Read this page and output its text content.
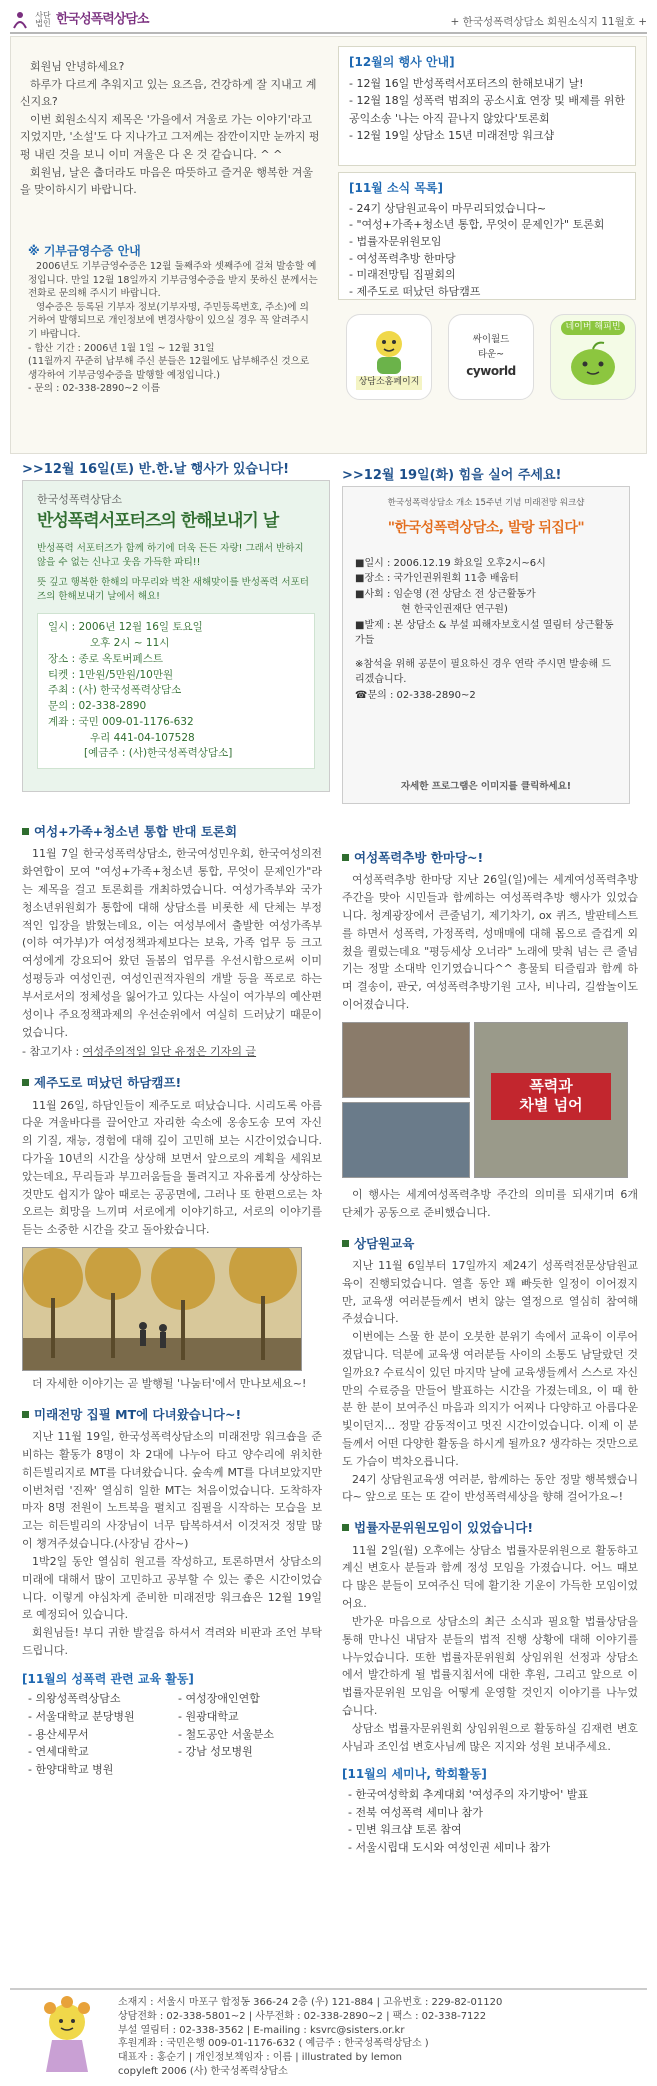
사단법인 한국성폭력상담소	+ 한국성폭력상담소 회원소식지 11월호 +

회원님 안녕하세요?

하루가 다르게 추워지고 있는 요즈음, 건강하게 잘 지내고 계신지요?

이번 회원소식지 제목은 '가을에서 겨울로 가는 이야기'라고 지었지만, '소설'도 다 지나가고 그저께는 잠깐이지만 눈까지 펑펑 내린 것을 보니 이미 겨울은 다 온 것 같습니다. ^ ^

회원님, 날은 춥더라도 마음은 따뜻하고 즐거운 행복한 겨울을 맞이하시기 바랍니다.

※ 기부금영수증 안내
2006년도 기부금영수증은 12월 둘째주와 셋째주에 걸쳐 발송할 예정입니다. 만일 12월 18일까지 기부금영수증을 받지 못하신 분께서는 전화로 문의해 주시기 바랍니다.
영수증은 등록된 기부자 정보(기부자명, 주민등록번호, 주소)에 의거하여 발행되므로 개인정보에 변경사항이 있으실 경우 꼭 알려주시기 바랍니다.
- 합산 기간 : 2006년 1월 1일 ~ 12월 31일
(11월까지 꾸준히 납부해 주신 분들은 12월에도 납부해주신 것으로 생각하여 기부금영수증을 발행할 예정입니다.)
- 문의 : 02-338-2890~2 이름
[12월의 행사 안내]
- 12월 16일 반성폭력서포터즈의 한해보내기 날!
- 12월 18일 성폭력 범죄의 공소시효 연장 및 배제를 위한 공익소송 '나는 아직 끝나지 않았다'토론회
- 12월 19일 상담소 15년 미래전망 워크샵
[11월 소식 목록]
- 24기 상담원교육이 마무리되었습니다~
- "여성+가족+청소년 통합, 무엇이 문제인가" 토론회
- 법률자문위원모임
- 여성폭력추방 한마당
- 미래전망팀 집필회의
- 제주도로 떠났던 하담캠프
상담소홈페이지
싸이월드
타운~
cyworld
네이버 해피빈
>>12월 16일(토) 반.한.날 행사가 있습니다!
한국성폭력상담소
반성폭력서포터즈의 한해보내기 날
반성폭력 서포터즈가 함께 하기에 더욱 든든 자랑! 그래서 반하지 않을 수 없는 신나고 웃음 가득한 파티!!
뜻 깊고 행복한 한해의 마무리와 벅찬 새해맞이를 반성폭력 서포터즈의 한해보내기 날에서 해요!
일시 : 2006년 12월 16일 토요일
오후 2시 ~ 11시
장소 : 종로 옥토버페스트
티켓 : 1만원/5만원/10만원
주최 : (사) 한국성폭력상담소
문의 : 02-338-2890
계좌 : 국민 009-01-1176-632
우리 441-04-107528
[예금주 : (사)한국성폭력상담소]
>>12월 19일(화) 힘을 실어 주세요!
한국성폭력상담소 개소 15주년 기념 미래전망 워크샵
"한국성폭력상담소, 발랑 뒤집다"
■일시 : 2006.12.19 화요일 오후2시~6시
■장소 : 국가인권위원회 11층 배움터
■사회 : 임순영 (전 상담소 전 상근활동가
현 한국인권재단 연구원)
■발제 : 본 상담소 & 부설 피해자보호시설 열림터 상근활동가들
※참석을 위해 공문이 필요하신 경우 연락 주시면 발송해 드리겠습니다.
☎문의 : 02-338-2890~2
자세한 프로그램은 이미지를 클릭하세요!
여성+가족+청소년 통합 반대 토론회
11월 7일 한국성폭력상담소, 한국여성민우회, 한국여성의전화연합이 모여 "여성+가족+청소년 통합, 무엇이 문제인가"라는 제목을 걸고 토론회를 개최하였습니다. 여성가족부와 국가청소년위원회가 통합에 대해 상담소를 비롯한 세 단체는 부정적인 입장을 밝혔는데요, 이는 여성부에서 출발한 여성가족부(이하 여가부)가 여성정책과제보다는 보육, 가족 업무 등 크고 여성에게 강요되어 왔던 돌봄의 업무를 우선시함으로써 이미 성평등과 여성인권, 여성인권적자원의 개발 등을 폭로로 하는 부서로서의 정체성을 잃어가고 있다는 사실이 여가부의 예산편성이나 주요정책과제의 우선순위에서 여실히 드러났기 때문이었습니다.
- 참고기사 : 여성주의적일 일단 유정은 기자의 글
제주도로 떠났던 하담캠프!
11월 26일, 하담인들이 제주도로 떠났습니다. 시리도록 아름다운 겨울바다를 끌어안고 자리한 숙소에 옹송도송 모여 자신의 기질, 재능, 경험에 대해 깊이 고민해 보는 시간이었습니다. 다가올 10년의 시간을 상상해 보면서 앞으로의 계획을 세워보았는데요, 무리들과 부끄러움들을 툴려지고 자유롭게 상상하는 것만도 쉽지가 않아 때로는 공공면에, 그러나 또 한편으로는 차오르는 희망을 느끼며 서로에게 이야기하고, 서로의 이야기를 듣는 소중한 시간을 갖고 돌아왔습니다.
더 자세한 이야기는 곧 발행될 '나눔터'에서 만나보세요~!
미래전망 집필 MT에 다녀왔습니다~!
지난 11월 19일, 한국성폭력상담소의 미래전망 워크숍을 준비하는 활동가 8명이 차 2대에 나누어 타고 양수리에 위치한 히든빌리지로 MT를 다녀왔습니다. 숲속께 MT를 다녀보았지만 이번처럼 '진짜' 열심히 일한 MT는 처음이었습니다. 도착하자마자 8명 전원이 노트북을 펼치고 집필을 시작하는 모습을 보고는 히든빌리의 사장님이 너무 탐복하셔서 이것저것 정말 많이 챙겨주셨습니다.(사장님 감사~)
1박2일 동안 열심히 원고를 작성하고, 토론하면서 상담소의 미래에 대해서 많이 고민하고 공부할 수 있는 좋은 시간이었습니다. 이렇게 야심차게 준비한 미래전망 워크숍은 12월 19일로 예정되어 있습니다.
회원님들! 부디 귀한 발걸음 하셔서 격려와 비판과 조언 부탁드립니다.
[11월의 성폭력 관련 교육 활동]
- 의왕성폭력상담소	- 여성장애인연합
- 서울대학교 분당병원	- 원광대학교
- 용산세무서	- 철도공안 서울분소
- 연세대학교	- 강남 성모병원
- 한양대학교 병원
여성폭력추방 한마당~!
여성폭력추방 한마당 지난 26일(일)에는 세계여성폭력추방 주간을 맞아 시민들과 함께하는 여성폭력추방 행사가 있었습니다. 청계광장에서 큰줄넘기, 제기차기, ox 퀴즈, 발판테스트를 하면서 성폭력, 가정폭력, 성매매에 대해 몸으로 즐겁게 외쳤을 퀼렀는데요 "평등세상 오너라" 노래에 맞춰 넘는 큰 줄넘기는 정말 소대박 인기였습니다^^ 흥물퇴 티즐림과 함께 하며 결송이, 판굿, 여성폭력추방기원 고사, 비나리, 길쌈놀이도 이어졌습니다.
폭력과
차별 넘어
이 행사는 세계여성폭력추방 주간의 의미를 되새기며 6개 단체가 공동으로 준비했습니다.
상담원교육
지난 11월 6일부터 17일까지 제24기 성폭력전문상담원교육이 진행되었습니다. 열흘 동안 꽤 빠듯한 일정이 이어졌지만, 교육생 여러분들께서 변치 않는 열정으로 열심히 참여해 주셨습니다.
이번에는 스물 한 분이 오붓한 분위기 속에서 교육이 이루어졌답니다. 덕분에 교육생 여러분들 사이의 소통도 남달랐던 것일까요? 수료식이 있던 마지막 날에 교육생들께서 스스로 자신만의 수료증을 만들어 발표하는 시간을 가졌는데요, 이 때 한 분 한 분이 보여주신 마음과 의지가 어찌나 다양하고 아름다운 빛이던지... 정말 감동적이고 멋진 시간이었습니다. 이제 이 분들께서 어떤 다양한 활동을 하시게 될까요? 생각하는 것만으로도 가슴이 벅차오릅니다.
24기 상담원교육생 여러분, 함께하는 동안 정말 행복했습니다~ 앞으로 또는 또 같이 반성폭력세상을 향해 걸어가요~!
법률자문위원모임이 있었습니다!
11월 2일(월) 오후에는 상담소 법률자문위원으로 활동하고 계신 변호사 분들과 함께 정성 모임을 가졌습니다. 어느 때보다 많은 분들이 모여주신 덕에 활기찬 기운이 가득한 모임이었어요.
반가운 마음으로 상담소의 최근 소식과 필요할 법률상담을 통해 만나신 내담자 분들의 법적 진행 상황에 대해 이야기를 나누었습니다. 또한 법률자문위원회 상임위원 선정과 상담소에서 발간하게 될 법률지침서에 대한 후원, 그리고 앞으로 이 법률자문위원 모임을 어떻게 운영할 것인지 이야기를 나누었습니다.
상담소 법률자문위원회 상임위원으로 활동하실 김재련 변호사님과 조인섭 변호사님께 많은 지지와 성원 보내주세요.
[11월의 세미나, 학회활동]
- 한국여성학회 추계대회 '여성주의 자기방어' 발표
- 전북 여성폭력 세미나 참가
- 민변 워크샵 토론 참여
- 서울시립대 도시와 여성인권 세미나 참가
소재지 : 서울시 마포구 합정동 366-24 2층 (우) 121-884 | 고유번호 : 229-82-01120
상담전화 : 02-338-5801~2 | 사무전화 : 02-338-2890~2 | 팩스 : 02-338-7122
부설 열림터 : 02-338-3562 | E-mailing : ksvrc@sisters.or.kr
후원계좌 : 국민은행 009-01-1176-632 ( 예금주 : 한국성폭력상담소 )
대표자 : 홍순기 | 개인정보책임자 : 이름 | illustrated by lemon
copyleft 2006 (사) 한국성폭력상담소
